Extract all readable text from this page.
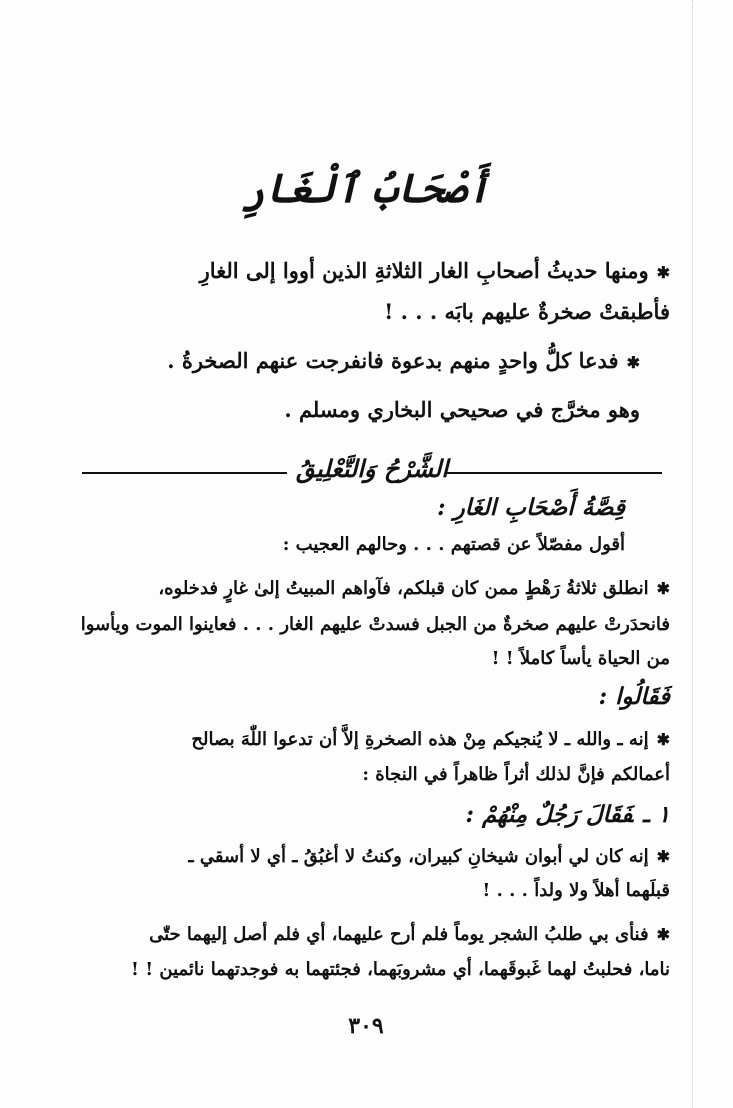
أَصْحَابُ ٱلْغَارِ
✱ومنها حديثُ أصحابِ الغار الثلاثةِ الذين أووا إلى الغارِ
فأطبقتْ صخرةٌ عليهم بابَه . . . !
✱فدعا كلُّ واحدٍ منهم بدعوة فانفرجت عنهم الصخرةُ .
وهو مخرَّج في صحيحي البخاري ومسلم .
الشَّرْحُ وَالتَّعْلِيقُ
قِصَّةُ أَصْحَابِ الغَارِ :
أقول مفصّلاً عن قصتهم . . . وحالهم العجيب :
✱انطلق ثلاثةُ رَهْطٍ ممن كان قبلكم، فآواهم المبيتُ إلىٰ غارٍ فدخلوه،
فانحدَرتْ عليهم صخرةٌ من الجبل فسدتْ عليهم الغار . . . فعاينوا الموت ويأسوا
من الحياة يأساً كاملاً ! !
فَقَالُوا :
✱إنه ـ والله ـ لا يُنجيكم مِنْ هذه الصخرةِ إلاَّ أن تدعوا اللّٰهَ بصالح
أعمالكم فإنَّ لذلك أثراً ظاهراً في النجاة :
١ ـفَقَالَ رَجُلٌ مِنْهُمْ :
✱إنه كان لي أبوان شيخانِ كبيران، وكنتُ لا أغبُقُ ـ أي لا أسقي ـ
قبلَهما أهلاً ولا ولداً . . . !
✱فنأى بي طلبُ الشجر يوماً فلم أرح عليهما، أي فلم أصل إليهما حتّٰى
ناما، فحلبتُ لهما غَبوقَهما، أي مشروبَهما، فجئتهما به فوجدتهما نائمين ! !
٣٠٩
